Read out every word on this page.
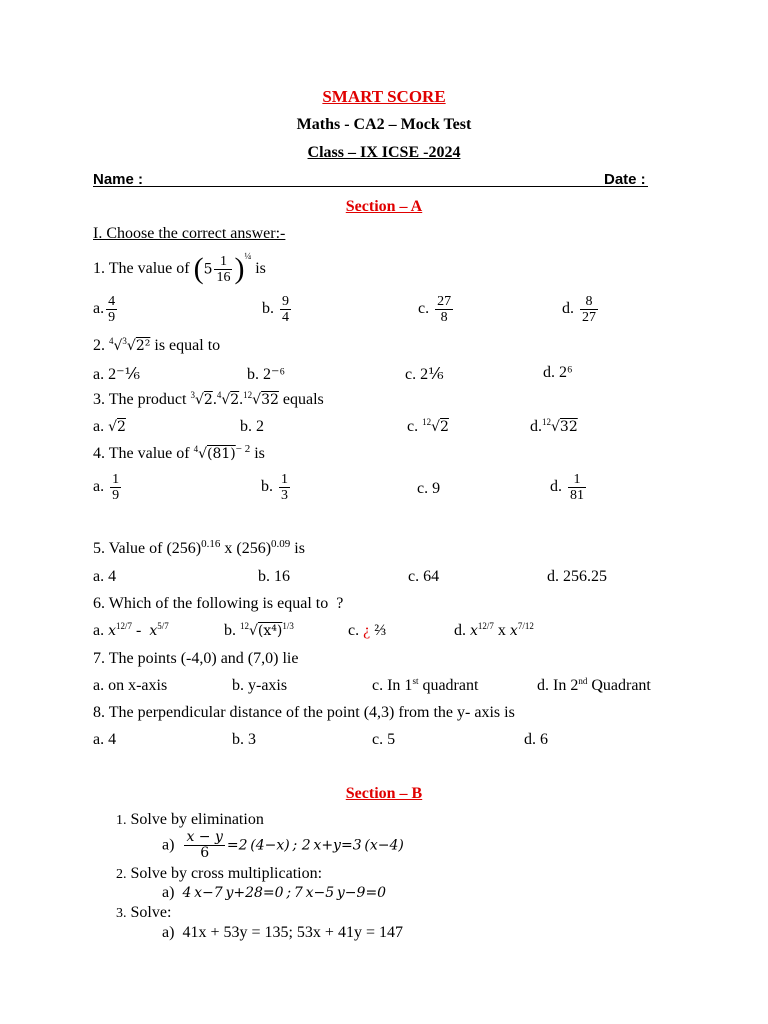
SMART SCORE
Maths - CA2 – Mock Test
Class – IX ICSE -2024
Name :	Date :
Section – A
I. Choose the correct answer:-
1. The value of $(5 \frac{1}{16} )^{\frac{1}{4}}$ is
a. $\frac{4}{9}$	b. $\frac{9}{4}$	c. $\frac{27}{8}$	d. $\frac{8}{27}$
2. $^4$√$^3$√2² is equal to
a. 2⁻⅙	b. 2⁻⁶	c. 2⅙	d. 2⁶
3. The product $^3$√2.$^4$√2.12√32 equals
a. √2	b. 2	c. $^{12}$√2	d.$^{12}$√32
4. The value of $^4√(81)^{- 2}$ is
a. $\frac{1}{9}$	b. $\frac{1}{3}$	c. 9	d. $\frac{1}{81}$
5. Value of $(256)^{0.16}$ x $(256)^{0.09}$ is
a. 4	b. 16	c. 64	d. 256.25
6. Which of the following is equal to ?
a. $x^{12/7} - x^{5/7}$	b. $^{12}√(x^4)^{1/3}$	c. ¿ ⅔	d. $x^{12/7}$ x $x^{7/12}$
7. The points (-4,0) and (7,0) lie
a. on x-axis	b. y-axis	c. In 1st quadrant	d. In 2nd Quadrant
8. The perpendicular distance of the point (4,3) from the y- axis is
a. 4	b. 3	c. 5	d. 6
Section – B
1. Solve by elimination
$a) \frac{x - y}{6} =2$ (4−x) ; 2 x+y=3 (x−4)
2. Solve by cross multiplication:
a) 4 x−7 y+28=0 ; 7 x−5 y−9=0
3. Solve:
a) 41x + 53y = 135; 53x + 41y = 147
